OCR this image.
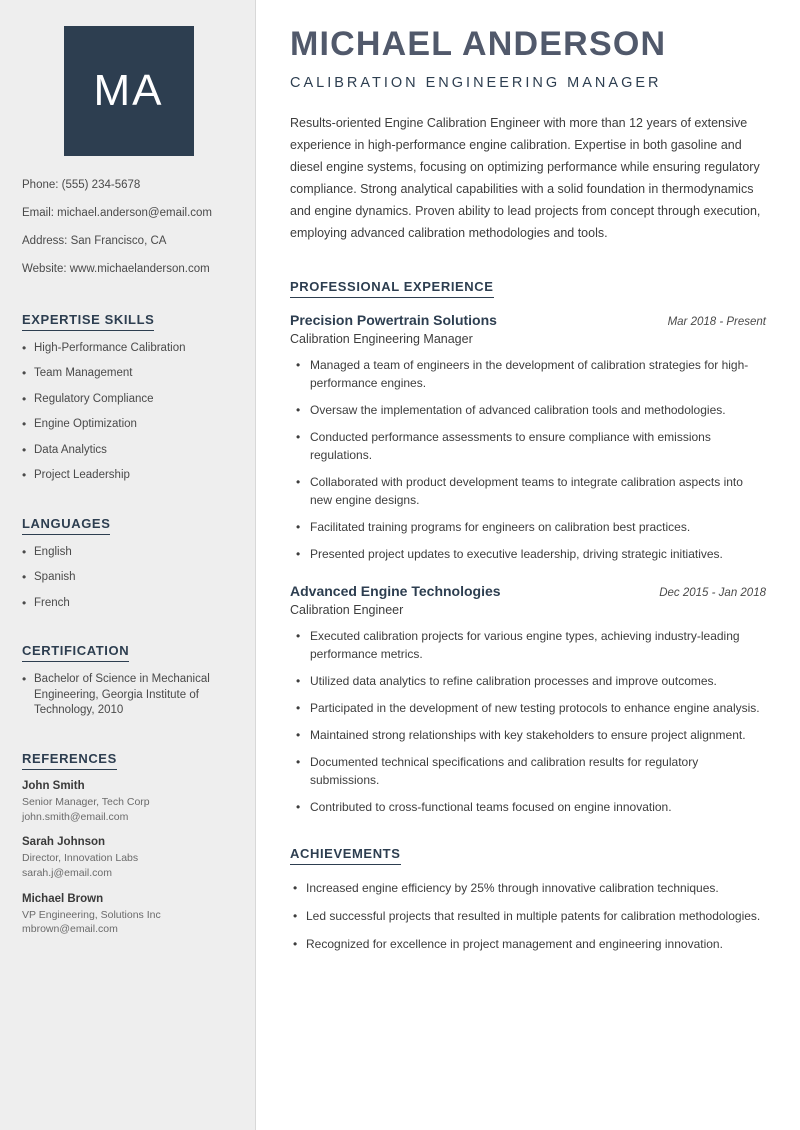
MA
Phone: (555) 234-5678
Email: michael.anderson@email.com
Address: San Francisco, CA
Website: www.michaelanderson.com
EXPERTISE SKILLS
• High-Performance Calibration
• Team Management
• Regulatory Compliance
• Engine Optimization
• Data Analytics
• Project Leadership
LANGUAGES
• English
• Spanish
• French
CERTIFICATION
• Bachelor of Science in Mechanical Engineering, Georgia Institute of Technology, 2010
REFERENCES
John Smith
Senior Manager, Tech Corp
john.smith@email.com
Sarah Johnson
Director, Innovation Labs
sarah.j@email.com
Michael Brown
VP Engineering, Solutions Inc
mbrown@email.com
MICHAEL ANDERSON
CALIBRATION ENGINEERING MANAGER

Results-oriented Engine Calibration Engineer with more than 12 years of extensive experience in high-performance engine calibration. Expertise in both gasoline and diesel engine systems, focusing on optimizing performance while ensuring regulatory compliance. Strong analytical capabilities with a solid foundation in thermodynamics and engine dynamics. Proven ability to lead projects from concept through execution, employing advanced calibration methodologies and tools.

PROFESSIONAL EXPERIENCE
Precision Powertrain Solutions	Mar 2018 - Present
Calibration Engineering Manager
• Managed a team of engineers in the development of calibration strategies for high-performance engines.
• Oversaw the implementation of advanced calibration tools and methodologies.
• Conducted performance assessments to ensure compliance with emissions regulations.
• Collaborated with product development teams to integrate calibration aspects into new engine designs.
• Facilitated training programs for engineers on calibration best practices.
• Presented project updates to executive leadership, driving strategic initiatives.
Advanced Engine Technologies	Dec 2015 - Jan 2018
Calibration Engineer
• Executed calibration projects for various engine types, achieving industry-leading performance metrics.
• Utilized data analytics to refine calibration processes and improve outcomes.
• Participated in the development of new testing protocols to enhance engine analysis.
• Maintained strong relationships with key stakeholders to ensure project alignment.
• Documented technical specifications and calibration results for regulatory submissions.
• Contributed to cross-functional teams focused on engine innovation.
ACHIEVEMENTS
• Increased engine efficiency by 25% through innovative calibration techniques.
• Led successful projects that resulted in multiple patents for calibration methodologies.
• Recognized for excellence in project management and engineering innovation.
